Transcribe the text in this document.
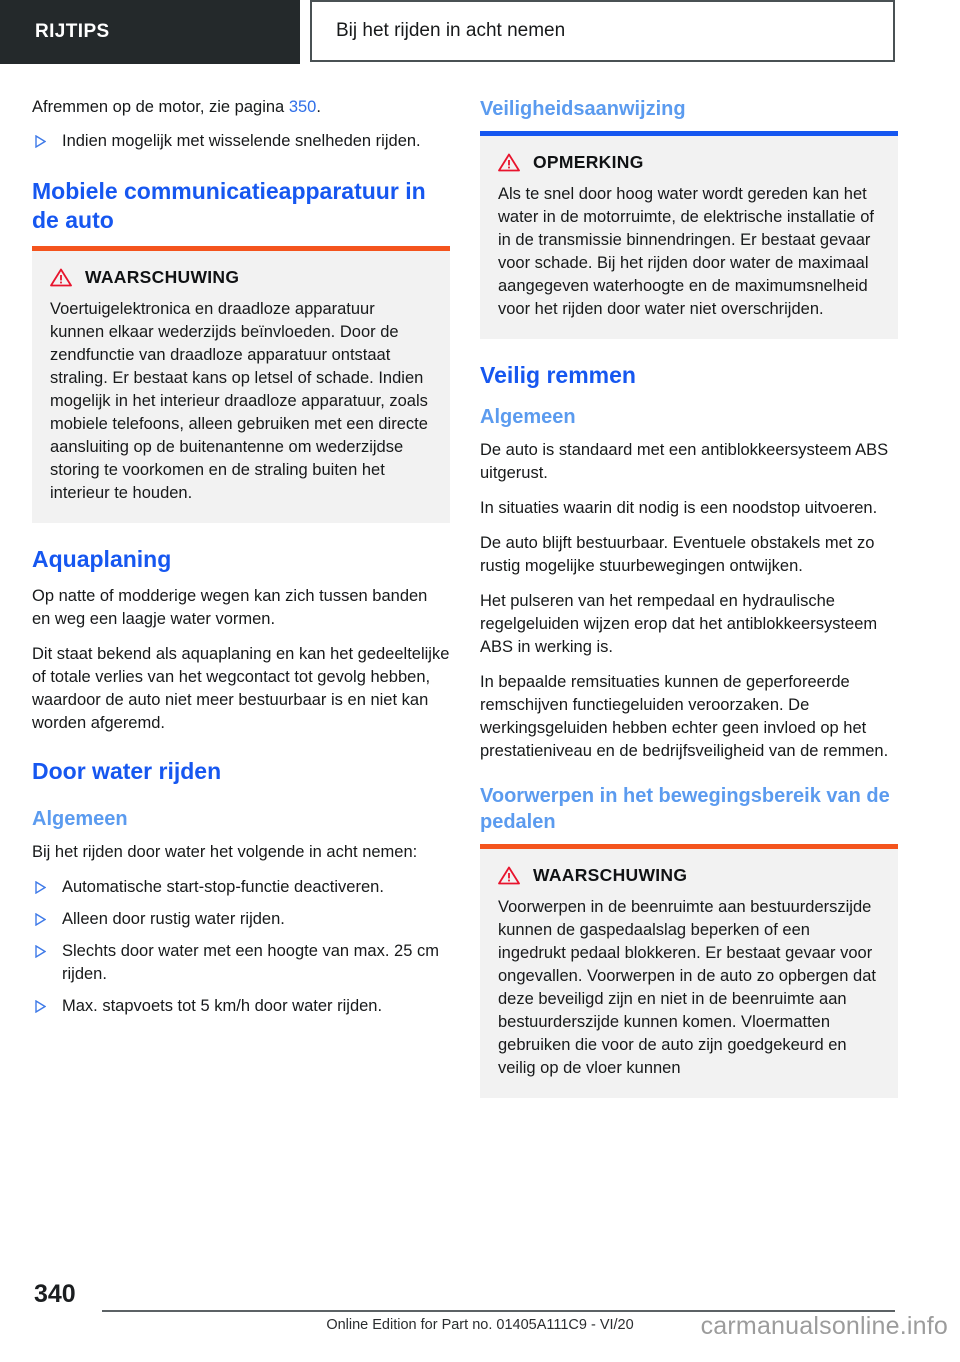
RIJTIPS	Bij het rijden in acht nemen

Afremmen op de motor, zie pagina 350.

Indien mogelijk met wisselende snelheden rijden.
Mobiele communicatieapparatuur in de auto
WAARSCHUWING

Voertuigelektronica en draadloze apparatuur kunnen elkaar wederzijds beïnvloeden. Door de zendfunctie van draadloze apparatuur ontstaat straling. Er bestaat kans op letsel of schade. Indien mogelijk in het interieur draadloze apparatuur, zoals mobiele telefoons, alleen gebruiken met een directe aansluiting op de buitenantenne om wederzijdse storing te voorkomen en de straling buiten het interieur te houden.

Aquaplaning

Op natte of modderige wegen kan zich tussen banden en weg een laagje water vormen.

Dit staat bekend als aquaplaning en kan het gedeeltelijke of totale verlies van het wegcontact tot gevolg hebben, waardoor de auto niet meer bestuurbaar is en niet kan worden afgeremd.

Door water rijden
Algemeen

Bij het rijden door water het volgende in acht nemen:

Automatische start-stop-functie deactiveren.
Alleen door rustig water rijden.
Slechts door water met een hoogte van max. 25 cm rijden.
Max. stapvoets tot 5 km/h door water rijden.
Veiligheidsaanwijzing
OPMERKING

Als te snel door hoog water wordt gereden kan het water in de motorruimte, de elektrische installatie of in de transmissie binnendringen. Er bestaat gevaar voor schade. Bij het rijden door water de maximaal aangegeven waterhoogte en de maximumsnelheid voor het rijden door water niet overschrijden.

Veilig remmen
Algemeen

De auto is standaard met een antiblokkeersysteem ABS uitgerust.

In situaties waarin dit nodig is een noodstop uitvoeren.

De auto blijft bestuurbaar. Eventuele obstakels met zo rustig mogelijke stuurbewegingen ontwijken.

Het pulseren van het rempedaal en hydraulische regelgeluiden wijzen erop dat het antiblokkeersysteem ABS in werking is.

In bepaalde remsituaties kunnen de geperforeerde remschijven functiegeluiden veroorzaken. De werkingsgeluiden hebben echter geen invloed op het prestatieniveau en de bedrijfsveiligheid van de remmen.

Voorwerpen in het bewegingsbereik van de pedalen
WAARSCHUWING

Voorwerpen in de beenruimte aan bestuurderszijde kunnen de gaspedaalslag beperken of een ingedrukt pedaal blokkeren. Er bestaat gevaar voor ongevallen. Voorwerpen in de auto zo opbergen dat deze beveiligd zijn en niet in de beenruimte aan bestuurderszijde kunnen komen. Vloermatten gebruiken die voor de auto zijn goedgekeurd en veilig op de vloer kunnen

340
Online Edition for Part no. 01405A111C9 - VI/20	carmanualsonline.info
